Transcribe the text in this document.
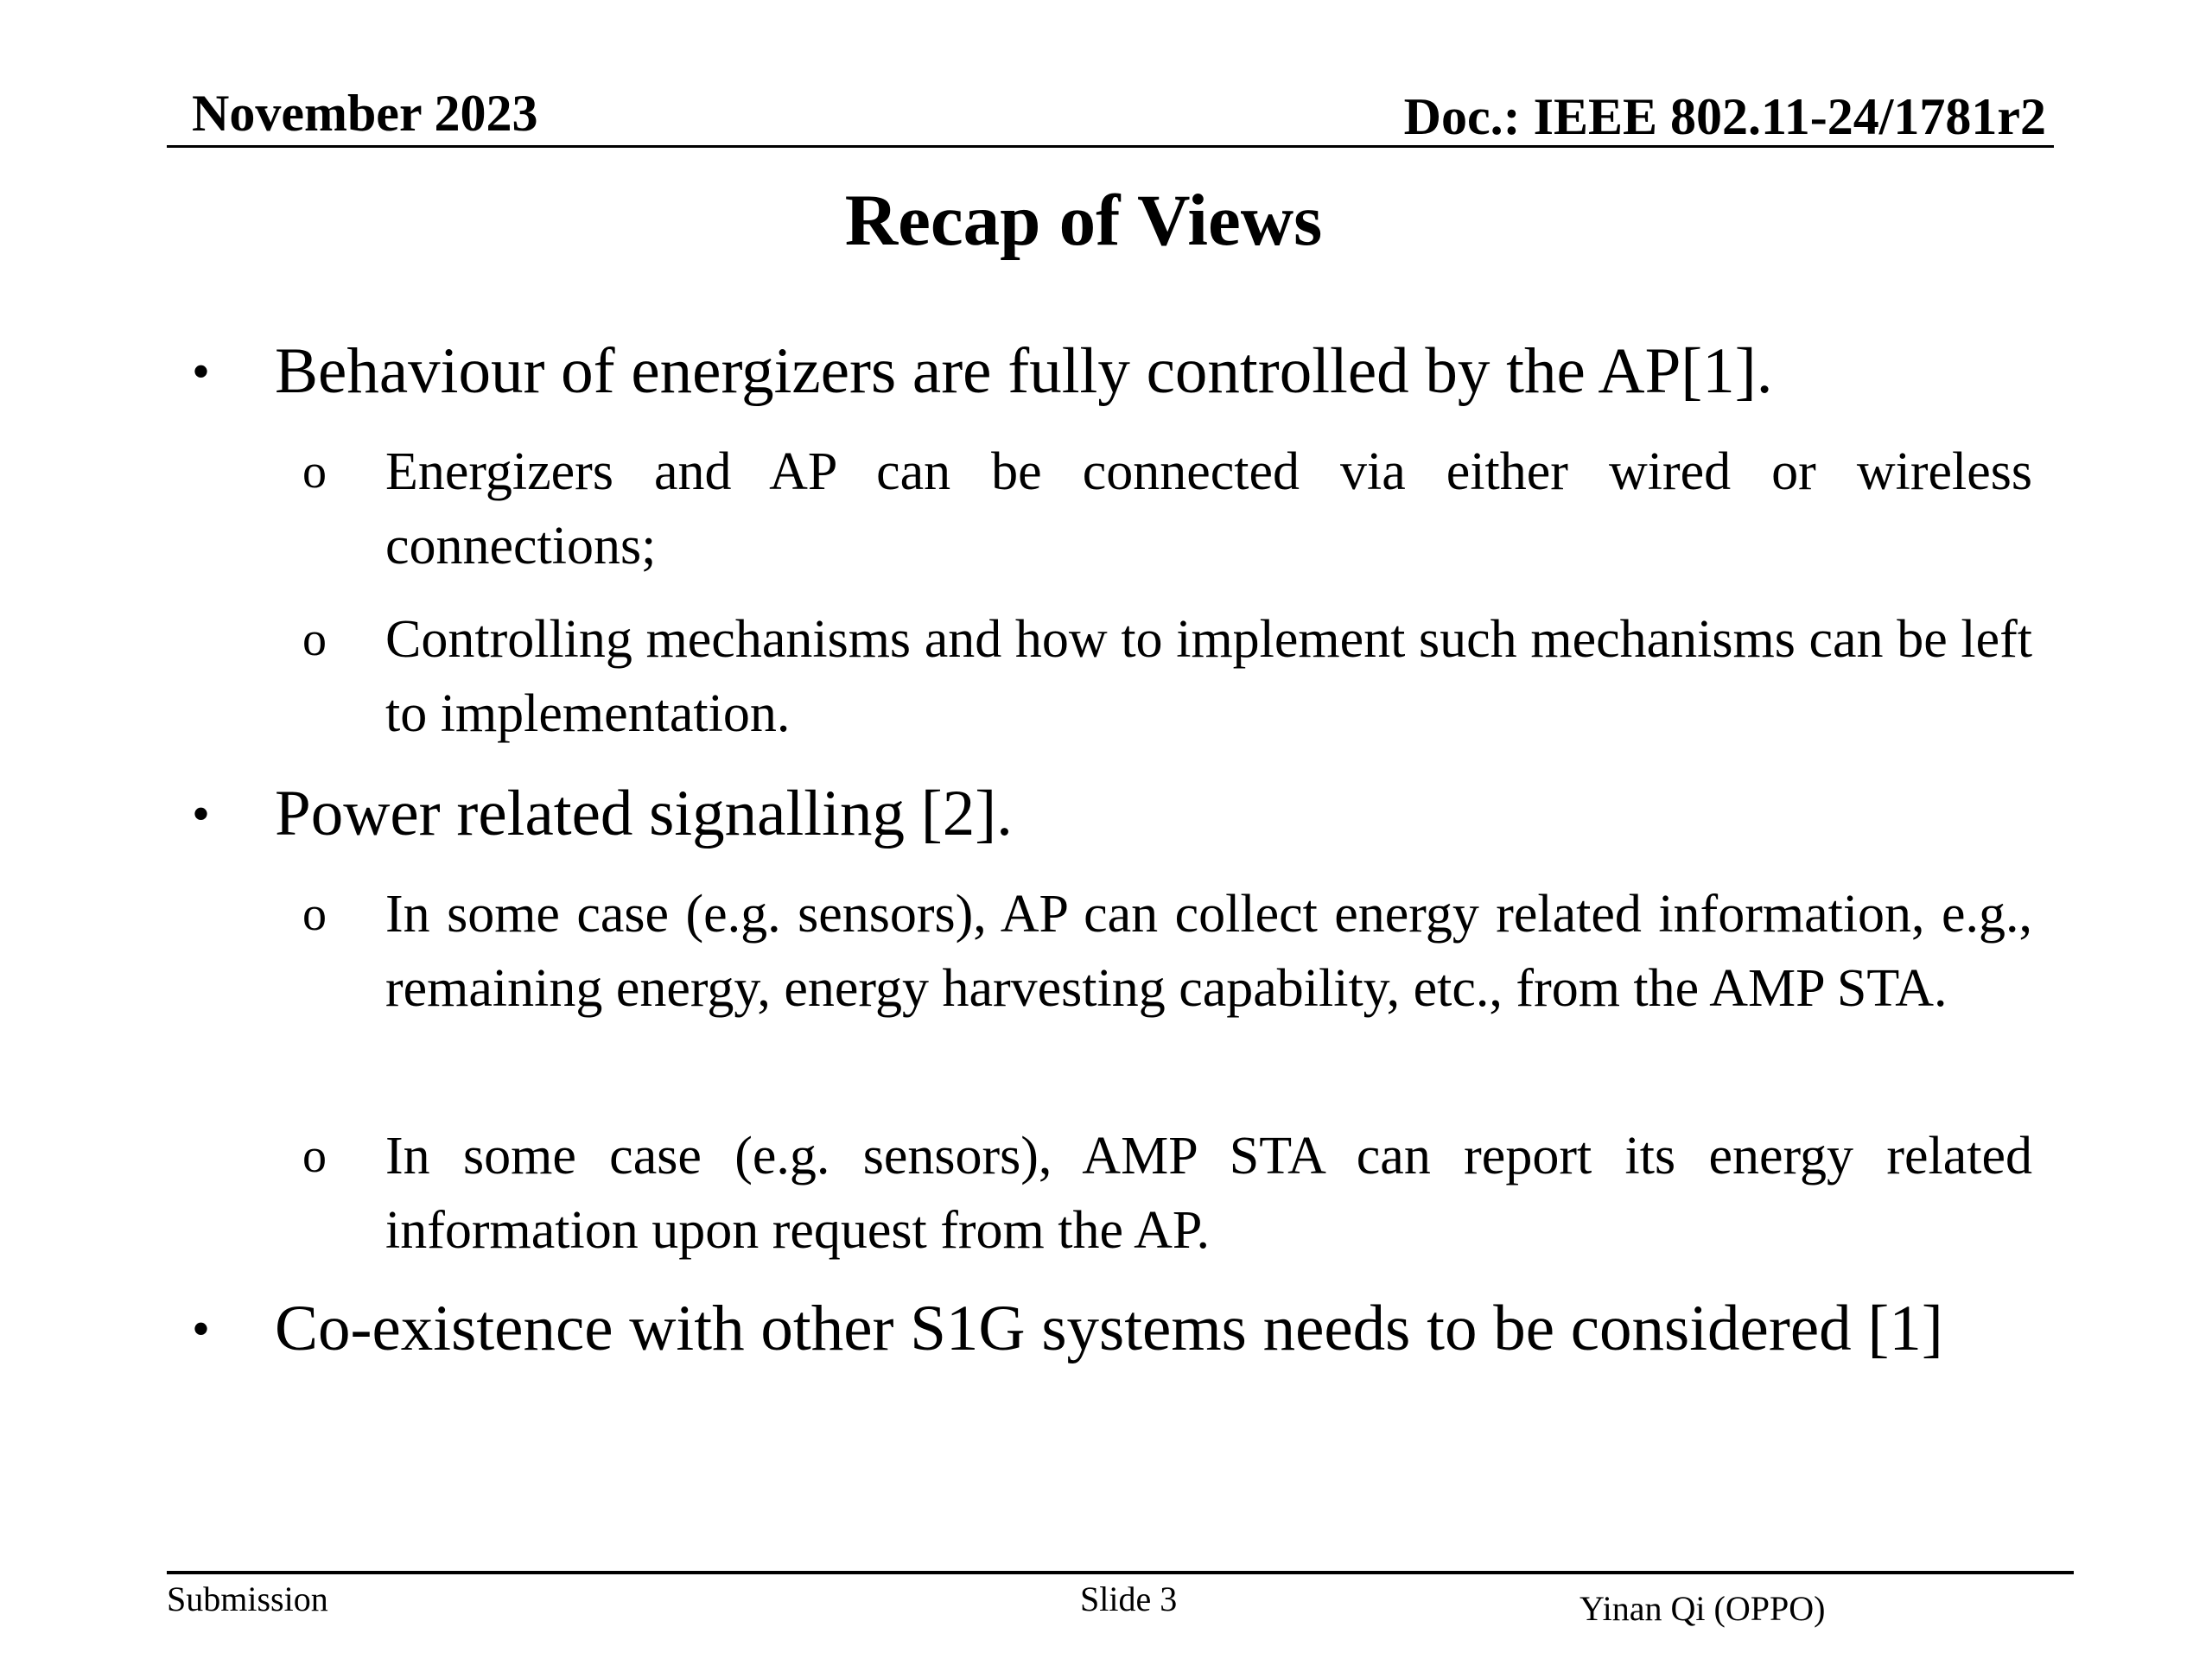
November 2023	Doc.: IEEE 802.11-24/1781r2
Recap of Views
• Behaviour of energizers are fully controlled by the AP[1].
o Energizers and AP can be connected via either wired or wireless connections;
o Controlling mechanisms and how to implement such mechanisms can be left to implementation.
• Power related signalling [2].
o In some case (e.g. sensors), AP can collect energy related information, e.g., remaining energy, energy harvesting capability, etc., from the AMP STA.
o In some case (e.g. sensors), AMP STA can report its energy related information upon request from the AP.
• Co-existence with other S1G systems needs to be considered [1]
Submission	Slide 3	Yinan Qi (OPPO)
